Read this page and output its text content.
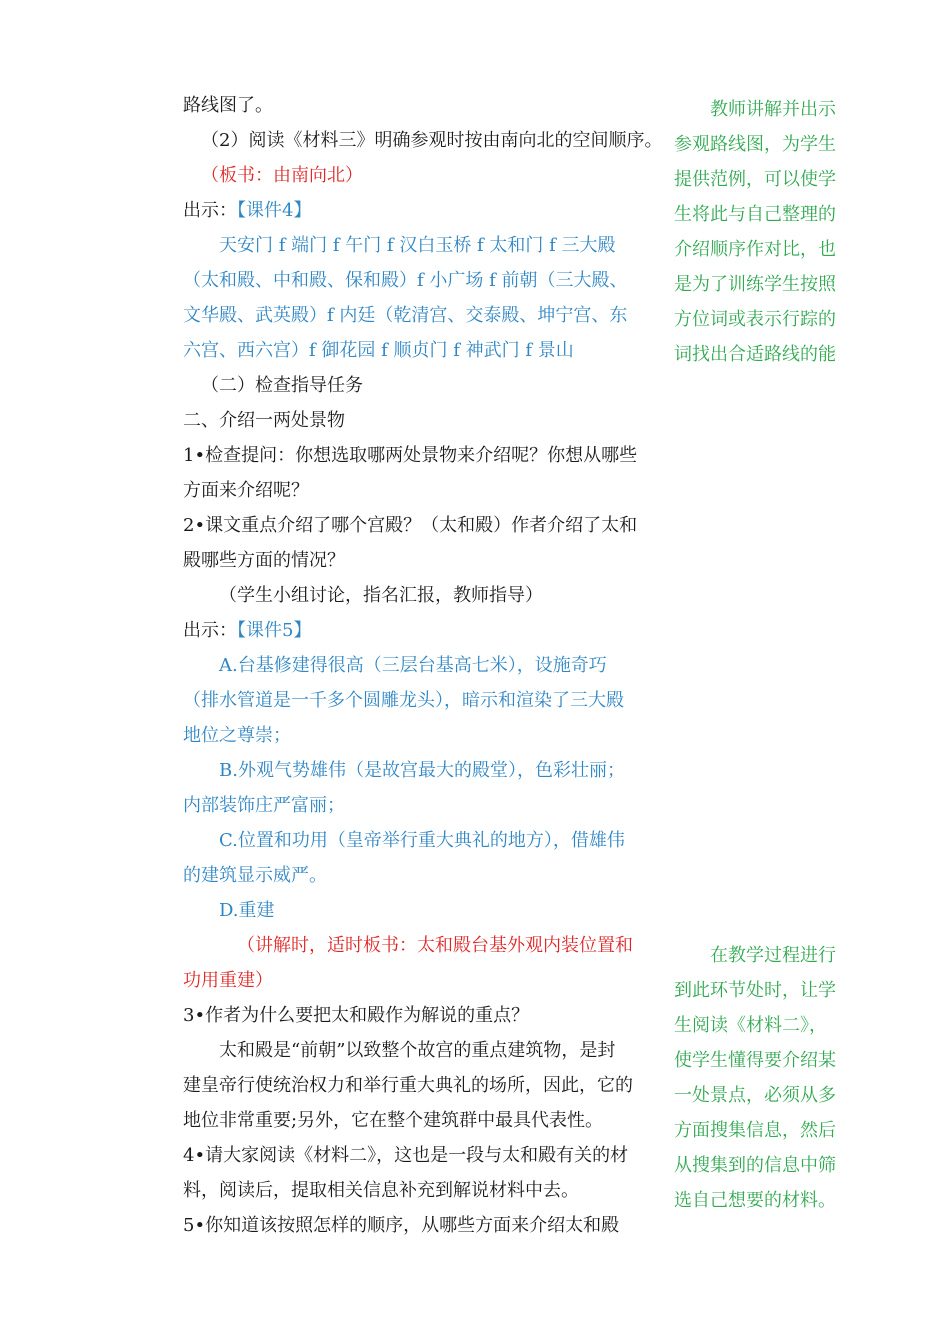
路线图了。
（2）阅读《材料三》明确参观时按由南向北的空间顺序。
（板书：由南向北）
出示：【课件4】
天安门 f 端门 f 午门 f 汉白玉桥 f 太和门 f 三大殿
（太和殿、中和殿、保和殿）f 小广场 f 前朝（三大殿、
文华殿、武英殿）f 内廷（乾清宫、交泰殿、坤宁宫、东
六宫、西六宫）f 御花园 f 顺贞门 f 神武门 f 景山
（二）检查指导任务
二、介绍一两处景物
1•检查提问：你想选取哪两处景物来介绍呢？你想从哪些
方面来介绍呢？
2•课文重点介绍了哪个宫殿？（太和殿）作者介绍了太和
殿哪些方面的情况？
（学生小组讨论，指名汇报，教师指导）
出示：【课件5】
A.台基修建得很高（三层台基高七米），设施奇巧
（排水管道是一千多个圆雕龙头），暗示和渲染了三大殿
地位之尊崇；
B.外观气势雄伟（是故宫最大的殿堂），色彩壮丽；
内部装饰庄严富丽；
C.位置和功用（皇帝举行重大典礼的地方），借雄伟
的建筑显示威严。
D.重建
（讲解时，适时板书：太和殿台基外观内装位置和
功用重建）
3•作者为什么要把太和殿作为解说的重点？
太和殿是“前朝”以致整个故宫的重点建筑物，是封
建皇帝行使统治权力和举行重大典礼的场所，因此，它的
地位非常重要;另外，它在整个建筑群中最具代表性。
4•请大家阅读《材料二》，这也是一段与太和殿有关的材
料，阅读后，提取相关信息补充到解说材料中去。
5•你知道该按照怎样的顺序，从哪些方面来介绍太和殿
教师讲解并出示
参观路线图，为学生
提供范例，可以使学
生将此与自己整理的
介绍顺序作对比，也
是为了训练学生按照
方位词或表示行踪的
词找出合适路线的能
在教学过程进行
到此环节处时，让学
生阅读《材料二》，
使学生懂得要介绍某
一处景点，必须从多
方面搜集信息，然后
从搜集到的信息中筛
选自己想要的材料。
